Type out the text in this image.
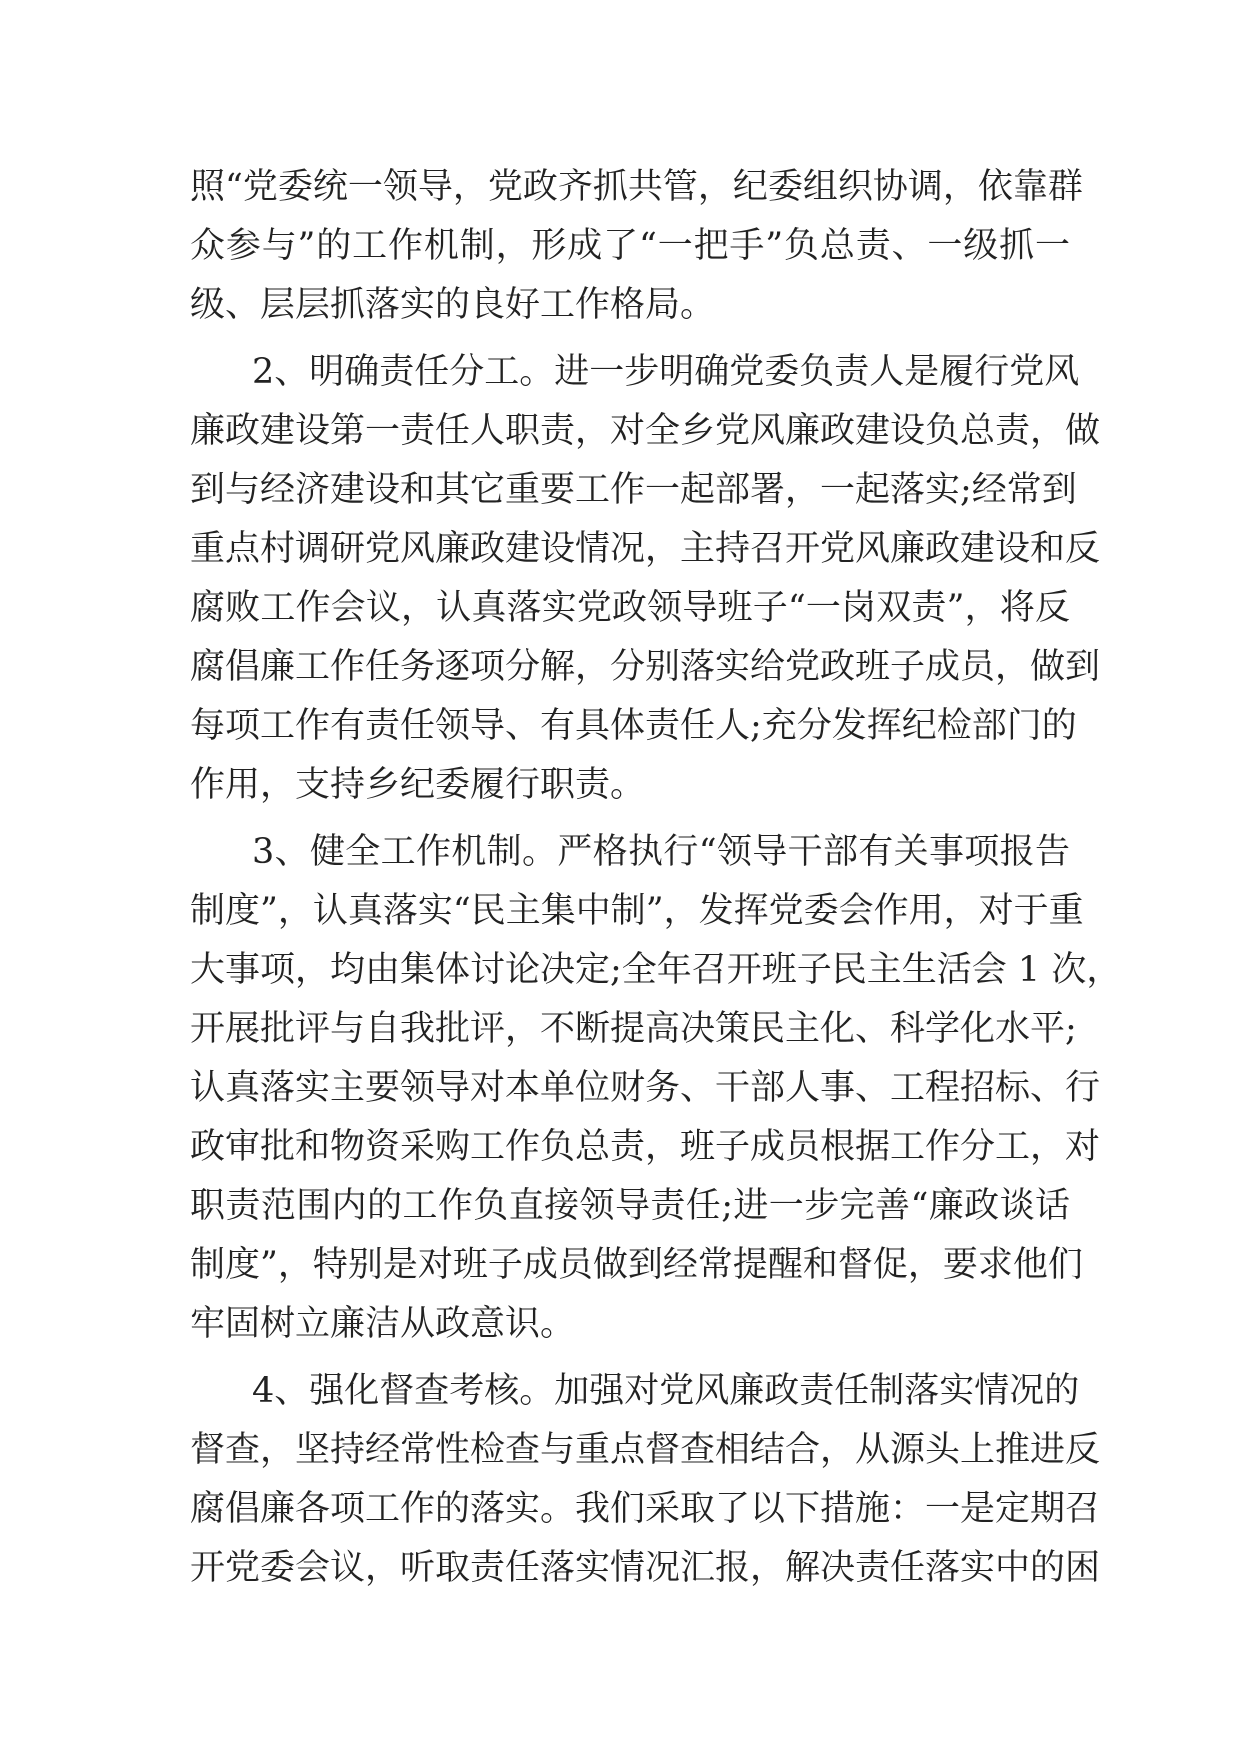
照“党委统一领导，党政齐抓共管，纪委组织协调，依靠群
众参与”的工作机制，形成了“一把手”负总责、一级抓一
级、层层抓落实的良好工作格局。
2、明确责任分工。进一步明确党委负责人是履行党风
廉政建设第一责任人职责，对全乡党风廉政建设负总责，做
到与经济建设和其它重要工作一起部署，一起落实;经常到
重点村调研党风廉政建设情况，主持召开党风廉政建设和反
腐败工作会议，认真落实党政领导班子“一岗双责”，将反
腐倡廉工作任务逐项分解，分别落实给党政班子成员，做到
每项工作有责任领导、有具体责任人;充分发挥纪检部门的
作用，支持乡纪委履行职责。
3、健全工作机制。严格执行“领导干部有关事项报告
制度”，认真落实“民主集中制”，发挥党委会作用，对于重
大事项，均由集体讨论决定;全年召开班子民主生活会 1 次，
开展批评与自我批评，不断提高决策民主化、科学化水平;
认真落实主要领导对本单位财务、干部人事、工程招标、行
政审批和物资采购工作负总责，班子成员根据工作分工，对
职责范围内的工作负直接领导责任;进一步完善“廉政谈话
制度”，特别是对班子成员做到经常提醒和督促，要求他们
牢固树立廉洁从政意识。
4、强化督查考核。加强对党风廉政责任制落实情况的
督查，坚持经常性检查与重点督查相结合，从源头上推进反
腐倡廉各项工作的落实。我们采取了以下措施：一是定期召
开党委会议，听取责任落实情况汇报，解决责任落实中的困
